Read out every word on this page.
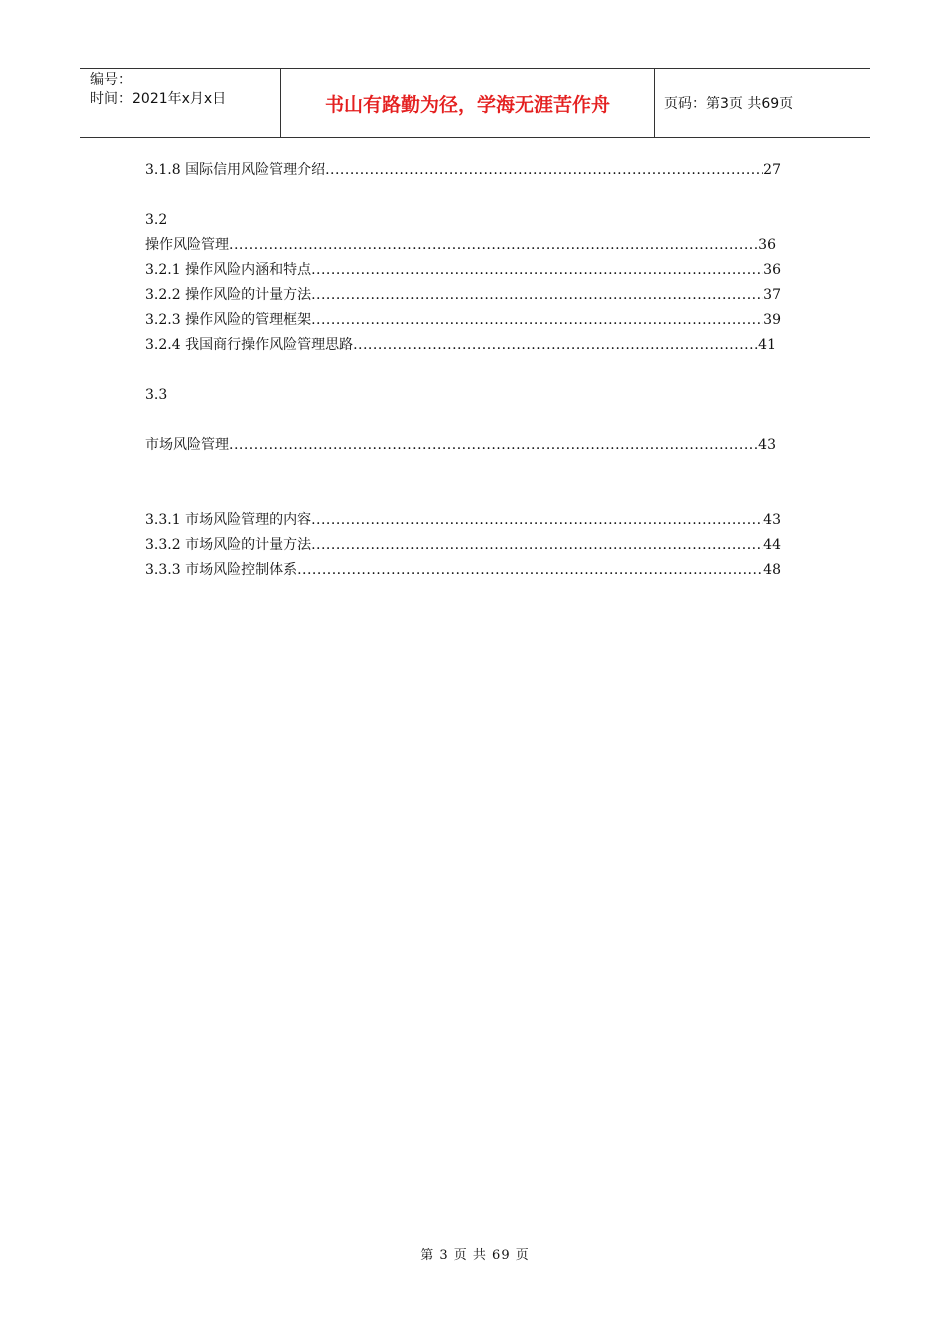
编号：
时间：2021年x月x日	书山有路勤为径，学海无涯苦作舟	页码：第3页 共69页
3.1.8 国际信用风险管理介绍 .....	27
3.2
操作风险管理 .....	36
3.2.1 操作风险内涵和特点 .....	36
3.2.2 操作风险的计量方法 .....	37
3.2.3 操作风险的管理框架 .....	39
3.2.4 我国商行操作风险管理思路 .....	41
3.3
市场风险管理 .....	43
3.3.1 市场风险管理的内容 .....	43
3.3.2 市场风险的计量方法 .....	44
3.3.3 市场风险控制体系 .....	48
第 3 页 共 69 页
